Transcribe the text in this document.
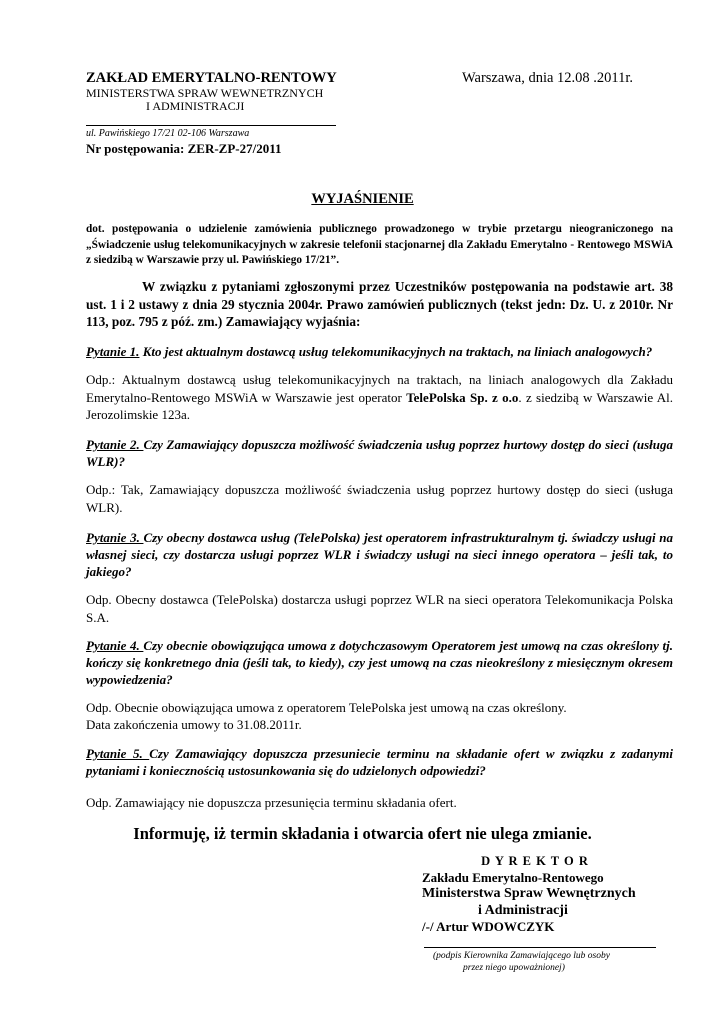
ZAKŁAD EMERYTALNO-RENTOWY
MINISTERSTWA SPRAW WEWNETRZNYCH
I ADMINISTRACJI
Warszawa, dnia 12.08 .2011r.
ul. Pawińskiego 17/21 02-106 Warszawa
Nr postępowania: ZER-ZP-27/2011
WYJAŚNIENIE

dot. postępowania o udzielenie zamówienia publicznego prowadzonego w trybie przetargu nieograniczonego na „Świadczenie usług telekomunikacyjnych w zakresie telefonii stacjonarnej dla Zakładu Emerytalno - Rentowego MSWiA z siedzibą w Warszawie przy ul. Pawińskiego 17/21”.

W związku z pytaniami zgłoszonymi przez Uczestników postępowania na podstawie art. 38 ust. 1 i 2 ustawy z dnia 29 stycznia 2004r. Prawo zamówień publicznych (tekst jedn: Dz. U. z 2010r. Nr 113, poz. 795 z póź. zm.) Zamawiający wyjaśnia:

Pytanie 1. Kto jest aktualnym dostawcą usług telekomunikacyjnych na traktach, na liniach analogowych?

Odp.: Aktualnym dostawcą usług telekomunikacyjnych na traktach, na liniach analogowych dla Zakładu Emerytalno-Rentowego MSWiA w Warszawie jest operator TelePolska Sp. z o.o. z siedzibą w Warszawie Al. Jerozolimskie 123a.

Pytanie 2. Czy Zamawiający dopuszcza możliwość świadczenia usług poprzez hurtowy dostęp do sieci (usługa WLR)?

Odp.: Tak, Zamawiający dopuszcza możliwość świadczenia usług poprzez hurtowy dostęp do sieci (usługa WLR).

Pytanie 3. Czy obecny dostawca usług (TelePolska) jest operatorem infrastrukturalnym tj. świadczy usługi na własnej sieci, czy dostarcza usługi poprzez WLR i świadczy usługi na sieci innego operatora – jeśli tak, to jakiego?

Odp. Obecny dostawca (TelePolska) dostarcza usługi poprzez WLR na sieci operatora Telekomunikacja Polska S.A.

Pytanie 4. Czy obecnie obowiązująca umowa z dotychczasowym Operatorem jest umową na czas określony tj. kończy się konkretnego dnia (jeśli tak, to kiedy), czy jest umową na czas nieokreślony z miesięcznym okresem wypowiedzenia?

Odp. Obecnie obowiązująca umowa z operatorem TelePolska jest umową na czas określony.

Data zakończenia umowy to 31.08.2011r.

Pytanie 5. Czy Zamawiający dopuszcza przesuniecie terminu na składanie ofert w związku z zadanymi pytaniami i koniecznością ustosunkowania się do udzielonych odpowiedzi?

Odp. Zamawiający nie dopuszcza przesunięcia terminu składania ofert.

Informuję, iż termin składania i otwarcia ofert nie ulega zmianie.
D Y R E K T O R
Zakładu Emerytalno-Rentowego
Ministerstwa Spraw Wewnętrznych
i Administracji
/-/ Artur WDOWCZYK
(podpis Kierownika Zamawiającego lub osoby
przez niego upoważnionej)
